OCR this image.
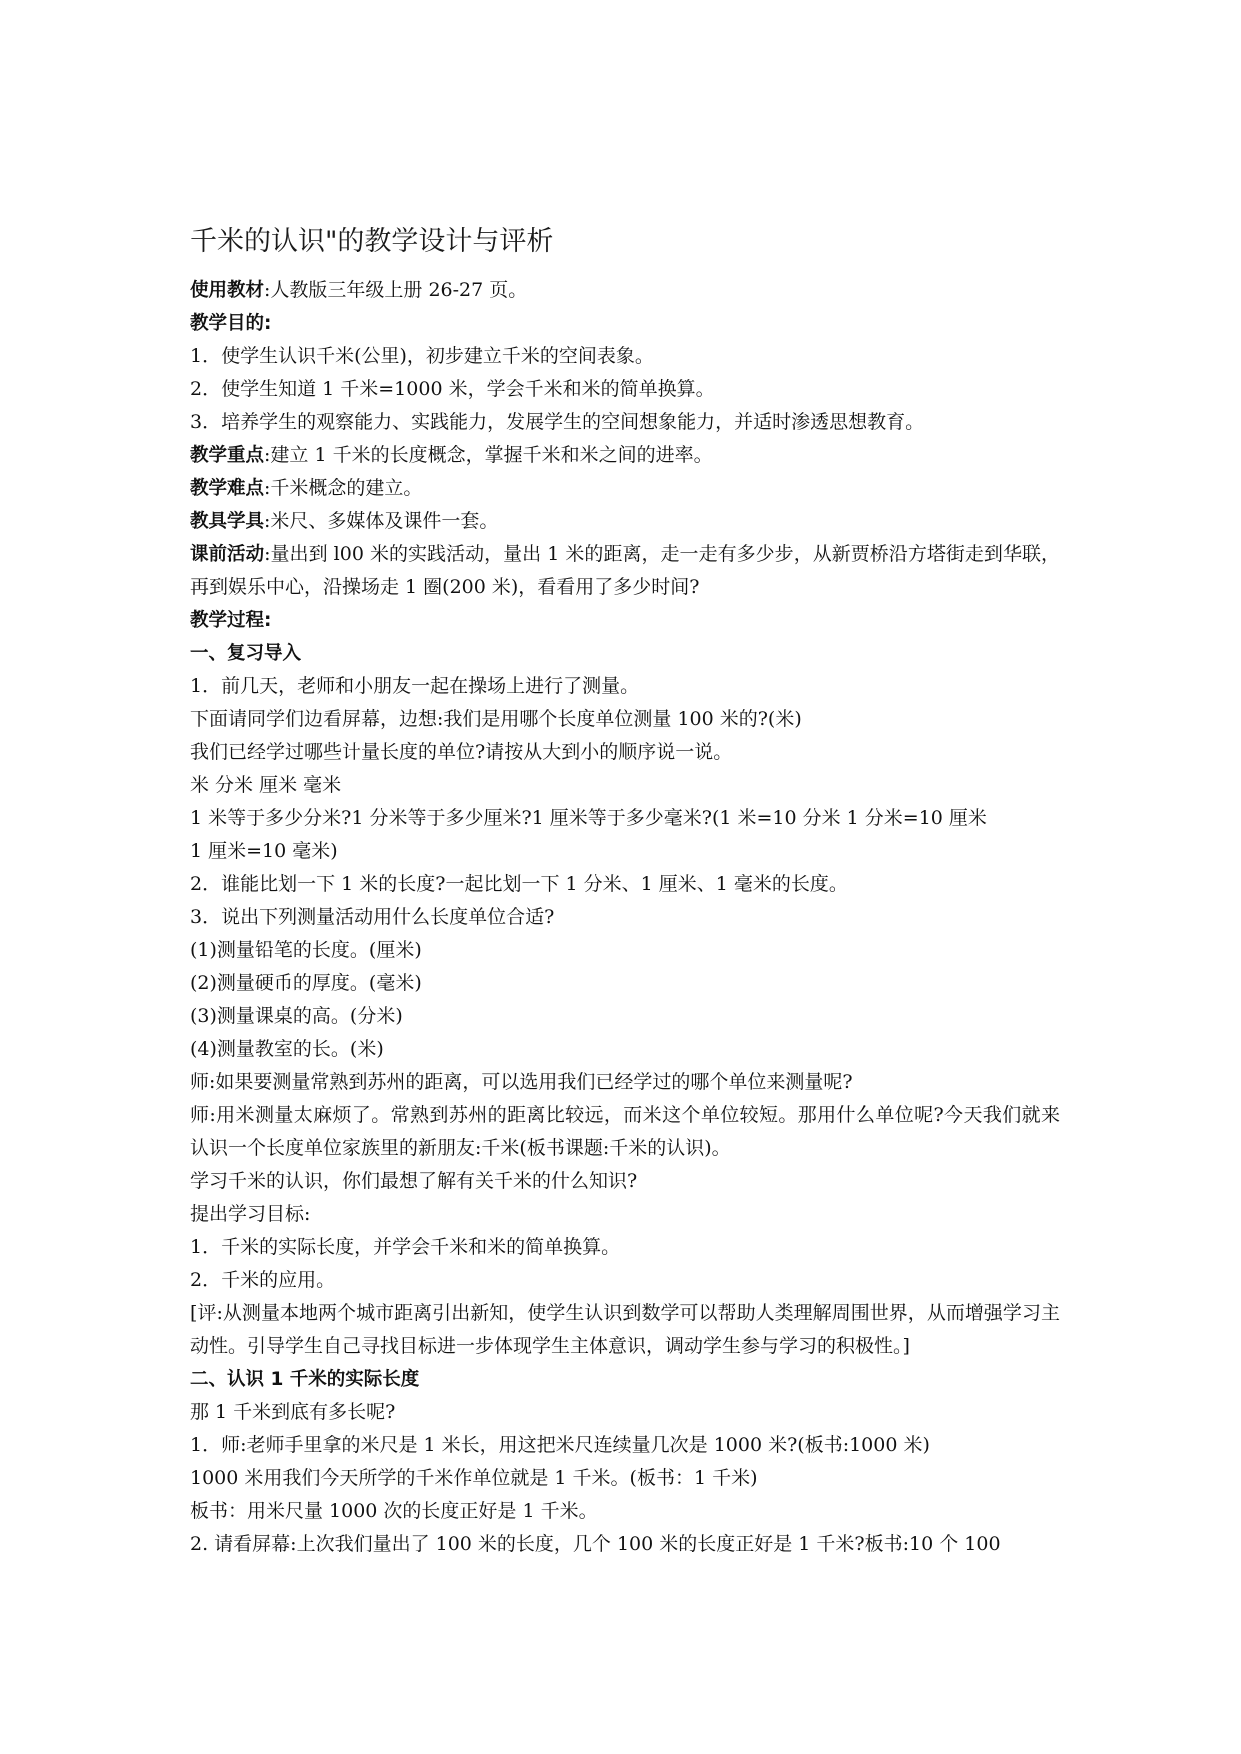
千米的认识"的教学设计与评析

使用教材:人教版三年级上册 26-27 页。

教学目的:

1．使学生认识千米(公里)，初步建立千米的空间表象。

2．使学生知道 1 千米=1000 米，学会千米和米的简单换算。

3．培养学生的观察能力、实践能力，发展学生的空间想象能力，并适时渗透思想教育。

教学重点:建立 1 千米的长度概念，掌握千米和米之间的进率。

教学难点:千米概念的建立。

教具学具:米尺、多媒体及课件一套。

课前活动:量出到 l00 米的实践活动，量出 1 米的距离，走一走有多少步，从新贾桥沿方塔街走到华联，再到娱乐中心，沿操场走 1 圈(200 米)，看看用了多少时间?

教学过程:

一、复习导入

1．前几天，老师和小朋友一起在操场上进行了测量。

下面请同学们边看屏幕，边想:我们是用哪个长度单位测量 100 米的?(米)

我们已经学过哪些计量长度的单位?请按从大到小的顺序说一说。

米 分米 厘米 毫米

1 米等于多少分米?1 分米等于多少厘米?1 厘米等于多少毫米?(1 米=10 分米 1 分米=10 厘米

1 厘米=10 毫米)

2．谁能比划一下 1 米的长度?一起比划一下 1 分米、1 厘米、1 毫米的长度。

3．说出下列测量活动用什么长度单位合适?

(1)测量铅笔的长度。(厘米)

(2)测量硬币的厚度。(毫米)

(3)测量课桌的高。(分米)

(4)测量教室的长。(米)

师:如果要测量常熟到苏州的距离，可以选用我们已经学过的哪个单位来测量呢?

师:用米测量太麻烦了。常熟到苏州的距离比较远，而米这个单位较短。那用什么单位呢?今天我们就来认识一个长度单位家族里的新朋友:千米(板书课题:千米的认识)。

学习千米的认识，你们最想了解有关千米的什么知识?

提出学习目标:

1．千米的实际长度，并学会千米和米的简单换算。

2．千米的应用。

[评:从测量本地两个城市距离引出新知，使学生认识到数学可以帮助人类理解周围世界，从而增强学习主动性。引导学生自己寻找目标进一步体现学生主体意识，调动学生参与学习的积极性。]

二、认识 1 千米的实际长度

那 1 千米到底有多长呢?

1．师:老师手里拿的米尺是 1 米长，用这把米尺连续量几次是 1000 米?(板书:1000 米)

1000 米用我们今天所学的千米作单位就是 1 千米。(板书：1 千米)

板书：用米尺量 1000 次的长度正好是 1 千米。

2. 请看屏幕:上次我们量出了 100 米的长度，几个 100 米的长度正好是 1 千米?板书:10 个 100
